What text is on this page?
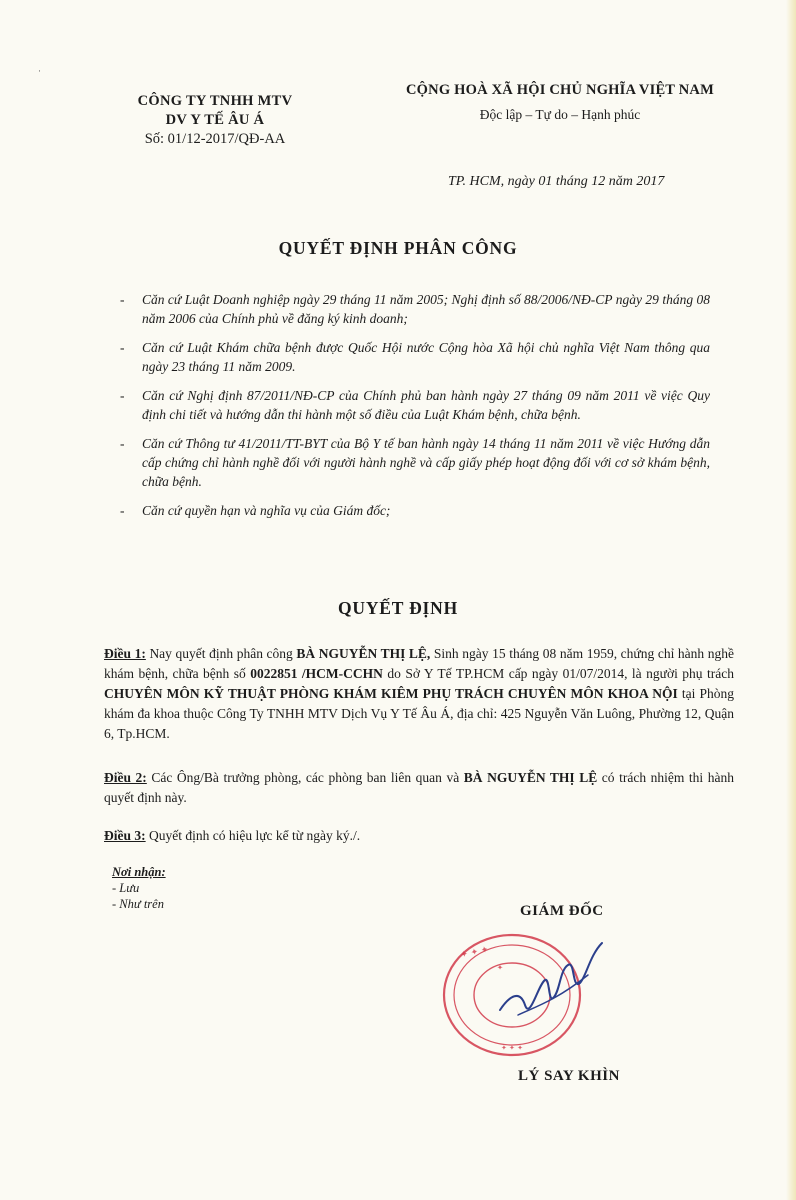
·
CÔNG TY TNHH MTV
DV Y TẾ ÂU Á
Số: 01/12-2017/QĐ-AA
CỘNG HOÀ XÃ HỘI CHỦ NGHĨA VIỆT NAM
Độc lập – Tự do – Hạnh phúc
TP. HCM, ngày 01 tháng 12 năm 2017
QUYẾT ĐỊNH PHÂN CÔNG
- Căn cứ Luật Doanh nghiệp ngày 29 tháng 11 năm 2005; Nghị định số 88/2006/NĐ-CP ngày 29 tháng 08 năm 2006 của Chính phủ về đăng ký kinh doanh;
- Căn cứ Luật Khám chữa bệnh được Quốc Hội nước Cộng hòa Xã hội chủ nghĩa Việt Nam thông qua ngày 23 tháng 11 năm 2009.
- Căn cứ Nghị định 87/2011/NĐ-CP của Chính phủ ban hành ngày 27 tháng 09 năm 2011 về việc Quy định chi tiết và hướng dẫn thi hành một số điều của Luật Khám bệnh, chữa bệnh.
- Căn cứ Thông tư 41/2011/TT-BYT của Bộ Y tế ban hành ngày 14 tháng 11 năm 2011 về việc Hướng dẫn cấp chứng chỉ hành nghề đối với người hành nghề và cấp giấy phép hoạt động đối với cơ sở khám bệnh, chữa bệnh.
- Căn cứ quyền hạn và nghĩa vụ của Giám đốc;
QUYẾT ĐỊNH
Điều 1: Nay quyết định phân công BÀ NGUYỄN THỊ LỆ, Sinh ngày 15 tháng 08 năm 1959, chứng chỉ hành nghề khám bệnh, chữa bệnh số 0022851 /HCM-CCHN do Sở Y Tế TP.HCM cấp ngày 01/07/2014, là người phụ trách CHUYÊN MÔN KỸ THUẬT PHÒNG KHÁM KIÊM PHỤ TRÁCH CHUYÊN MÔN KHOA NỘI tại Phòng khám đa khoa thuộc Công Ty TNHH MTV Dịch Vụ Y Tế Âu Á, địa chỉ: 425 Nguyễn Văn Luông, Phường 12, Quận 6, Tp.HCM.
Điều 2: Các Ông/Bà trưởng phòng, các phòng ban liên quan và BÀ NGUYỄN THỊ LỆ có trách nhiệm thi hành quyết định này.
Điều 3: Quyết định có hiệu lực kể từ ngày ký./.
Nơi nhận:
- Lưu
- Như trên	GIÁM ĐỐC
✦ ✦ ✦
✦
✦ ✦ ✦
LÝ SAY KHÌN
